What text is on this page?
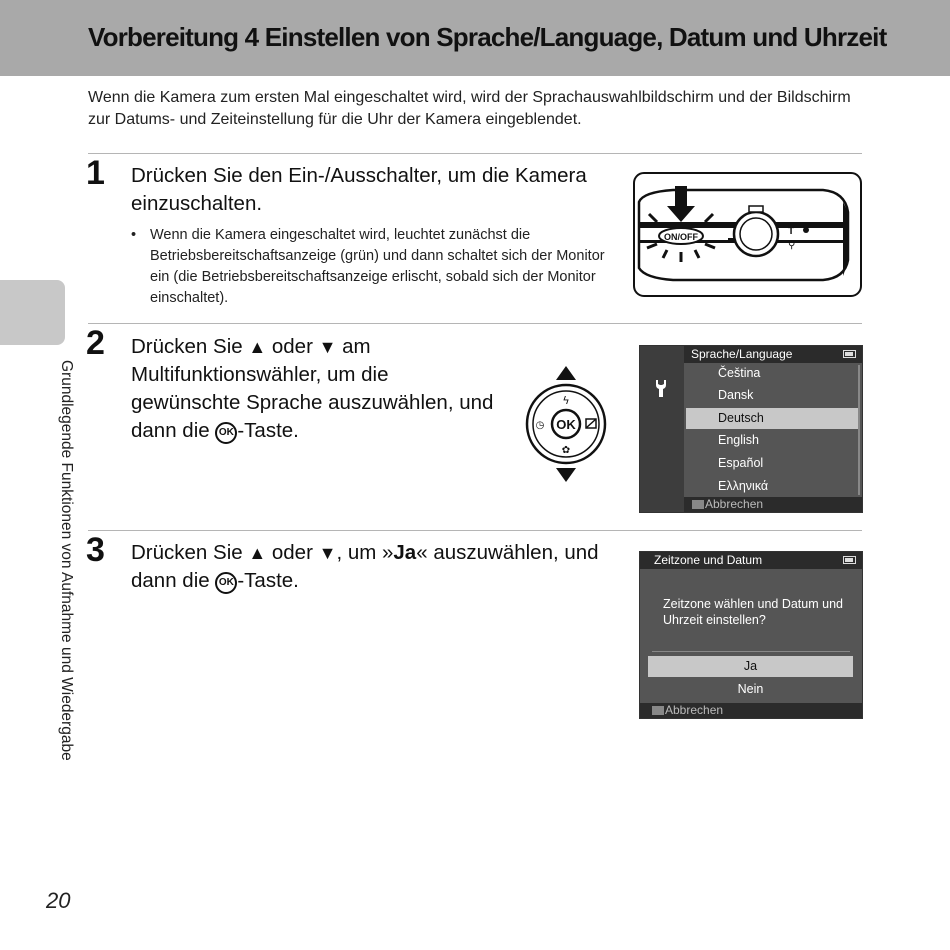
Vorbereitung 4 Einstellen von Sprache/Language, Datum und Uhrzeit
Wenn die Kamera zum ersten Mal eingeschaltet wird, wird der Sprachauswahlbildschirm und der Bildschirm zur Datums- und Zeiteinstellung für die Uhr der Kamera eingeblendet.
Grundlegende Funktionen von Aufnahme und Wiedergabe
1 Drücken Sie den Ein-/Ausschalter, um die Kamera einzuschalten.
• Wenn die Kamera eingeschaltet wird, leuchtet zunächst die Betriebsbereitschaftsanzeige (grün) und dann schaltet sich der Monitor ein (die Betriebsbereitschaftsanzeige erlischt, sobald sich der Monitor einschaltet).
ON/OFF	T
⚲
2 Drücken Sie ▲ oder ▼ am Multifunktionswähler, um die gewünschte Sprache auszuwählen, und dann die OK -Taste.	OK
ϟ
✿
◷
Sprache/Language
Čeština
Dansk
Deutsch
English
Español
Ελληνικά
Abbrechen
3 Drücken Sie ▲ oder ▼, um »Ja« auszuwählen, und dann die OK -Taste.
Zeitzone und Datum
Zeitzone wählen und Datum und Uhrzeit einstellen?
Ja
Nein
Abbrechen
20
